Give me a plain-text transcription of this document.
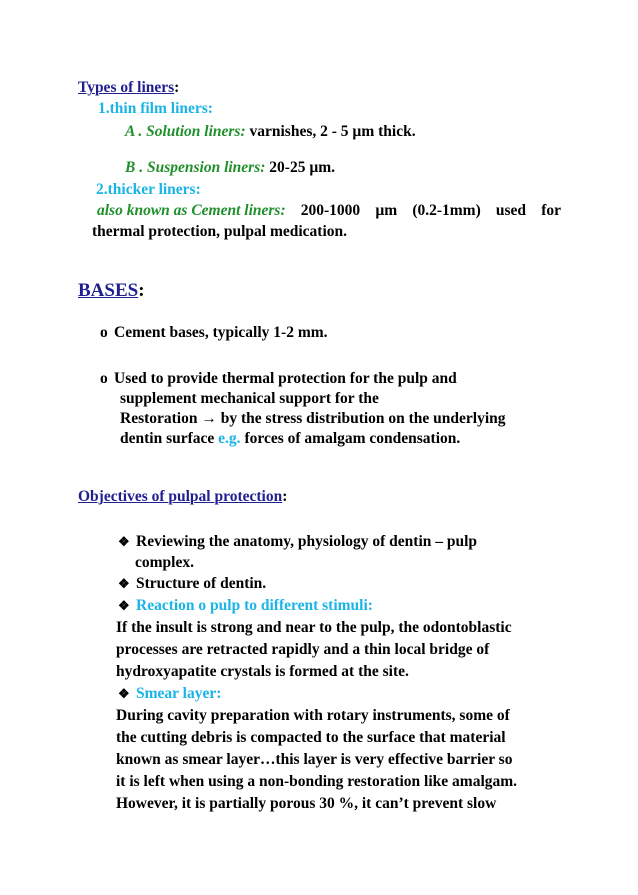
Types of liners:
1.thin film liners:
A . Solution liners: varnishes, 2 - 5 µm thick.
B . Suspension liners: 20-25 µm.
2.thicker liners:
also known as Cement liners: 200-1000 µm (0.2-1mm) used for
thermal protection, pulpal medication.
BASES:
o Cement bases, typically 1-2 mm.
o Used to provide thermal protection for the pulp and
supplement mechanical support for the
Restoration → by the stress distribution on the underlying
dentin surface e.g. forces of amalgam condensation.
Objectives of pulpal protection:
❖ Reviewing the anatomy, physiology of dentin – pulp
complex.
❖ Structure of dentin.
❖ Reaction o pulp to different stimuli:
If the insult is strong and near to the pulp, the odontoblastic
processes are retracted rapidly and a thin local bridge of
hydroxyapatite crystals is formed at the site.
❖ Smear layer:
During cavity preparation with rotary instruments, some of
the cutting debris is compacted to the surface that material
known as smear layer…this layer is very effective barrier so
it is left when using a non-bonding restoration like amalgam.
However, it is partially porous 30 %, it can’t prevent slow
